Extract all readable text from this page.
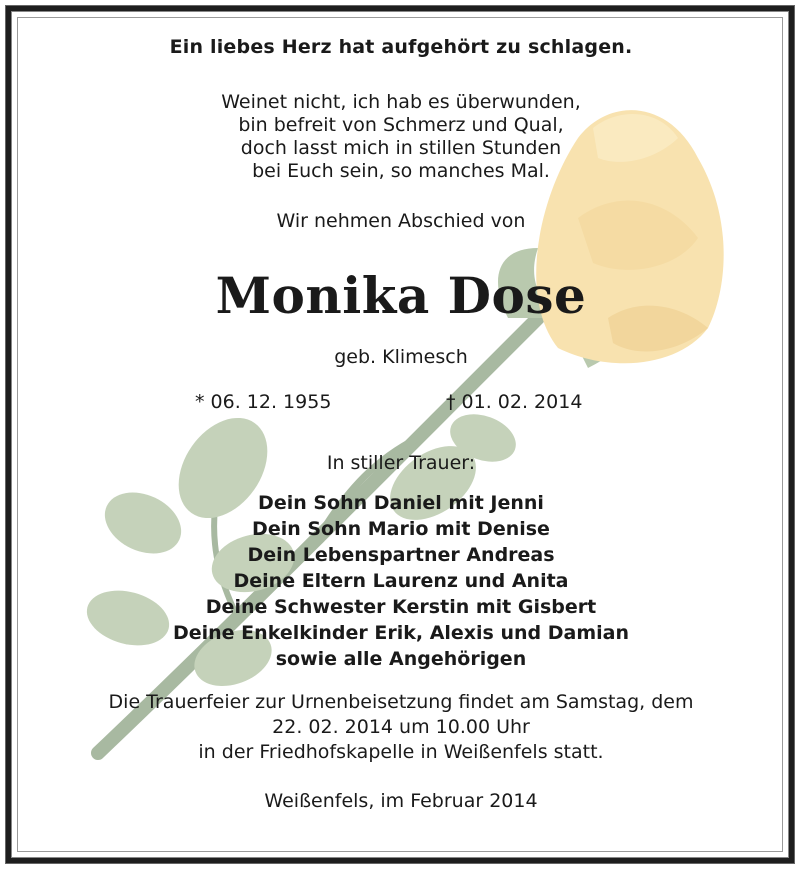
Ein liebes Herz hat aufgehört zu schlagen.
Weinet nicht, ich hab es überwunden,
bin befreit von Schmerz und Qual,
doch lasst mich in stillen Stunden
bei Euch sein, so manches Mal.
Wir nehmen Abschied von
Monika Dose
geb. Klimesch
* 06. 12. 1955	† 01. 02. 2014
In stiller Trauer:
Dein Sohn Daniel mit Jenni
Dein Sohn Mario mit Denise
Dein Lebenspartner Andreas
Deine Eltern Laurenz und Anita
Deine Schwester Kerstin mit Gisbert
Deine Enkelkinder Erik, Alexis und Damian
sowie alle Angehörigen
Die Trauerfeier zur Urnenbeisetzung findet am Samstag, dem
22. 02. 2014 um 10.00 Uhr
in der Friedhofskapelle in Weißenfels statt.
Weißenfels, im Februar 2014
